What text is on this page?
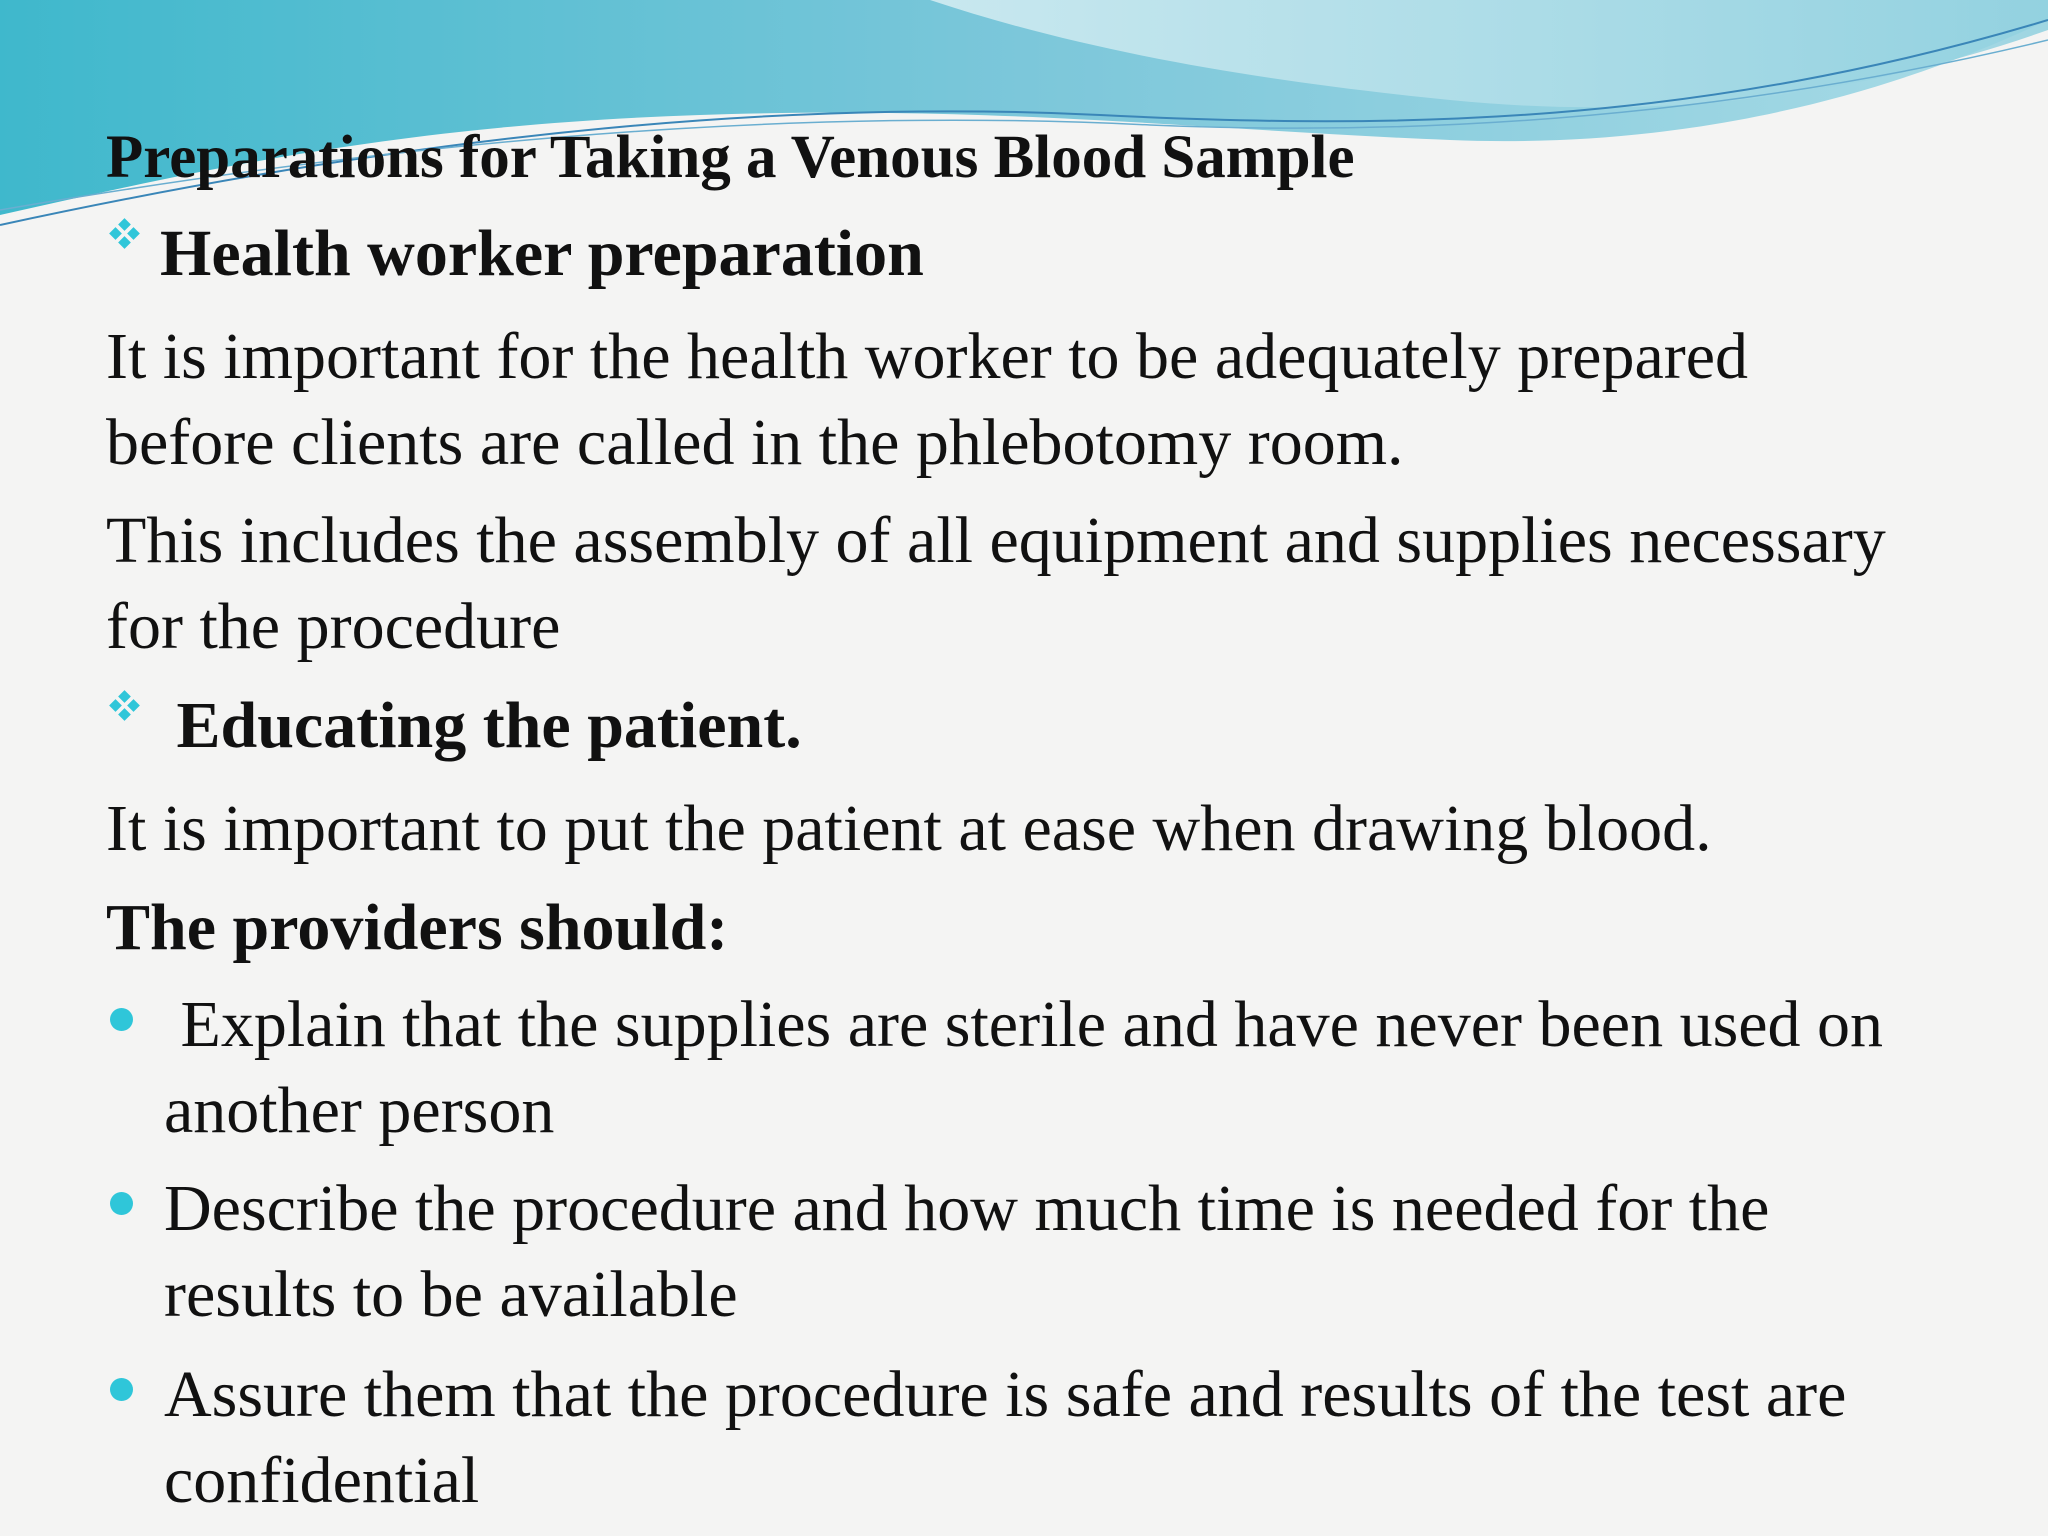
Preparations for Taking a Venous Blood Sample
Health worker preparation
It is important for the health worker to be adequately prepared
before clients are called in the phlebotomy room.
This includes the assembly of all equipment and supplies necessary
for the procedure
Educating the patient.
It is important to put the patient at ease when drawing blood.
The providers should:
Explain that the supplies are sterile and have never been used on
another person
Describe the procedure and how much time is needed for the
results to be available
Assure them that the procedure is safe and results of the test are
confidential
